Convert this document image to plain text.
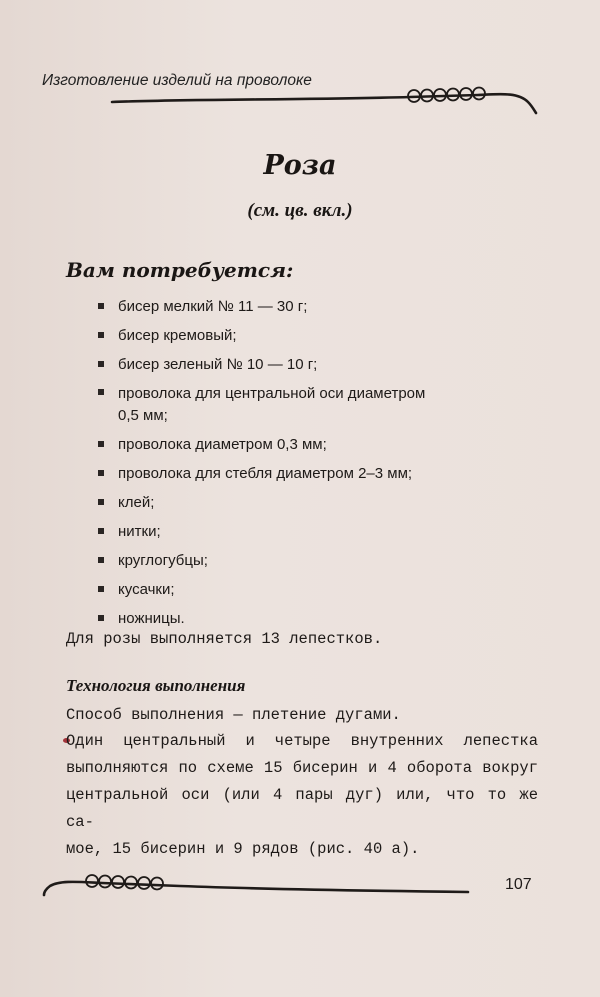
Изготовление изделий на проволоке
Роза
(см. цв. вкл.)
Вам потребуется:
бисер мелкий № 11 — 30 г;
бисер кремовый;
бисер зеленый № 10 — 10 г;
проволока для центральной оси диаметром
0,5 мм;
проволока диаметром 0,3 мм;
проволока для стебля диаметром 2–3 мм;
клей;
нитки;
круглогубцы;
кусачки;
ножницы.
Для розы выполняется 13 лепестков.
Технология выполнения
Способ выполнения — плетение дугами.
Один центральный и четыре внутренних лепестка
выполняются по схеме 15 бисерин и 4 оборота вокруг
центральной оси (или 4 пары дуг) или, что то же са-
мое, 15 бисерин и 9 рядов (рис. 40 а).
107
